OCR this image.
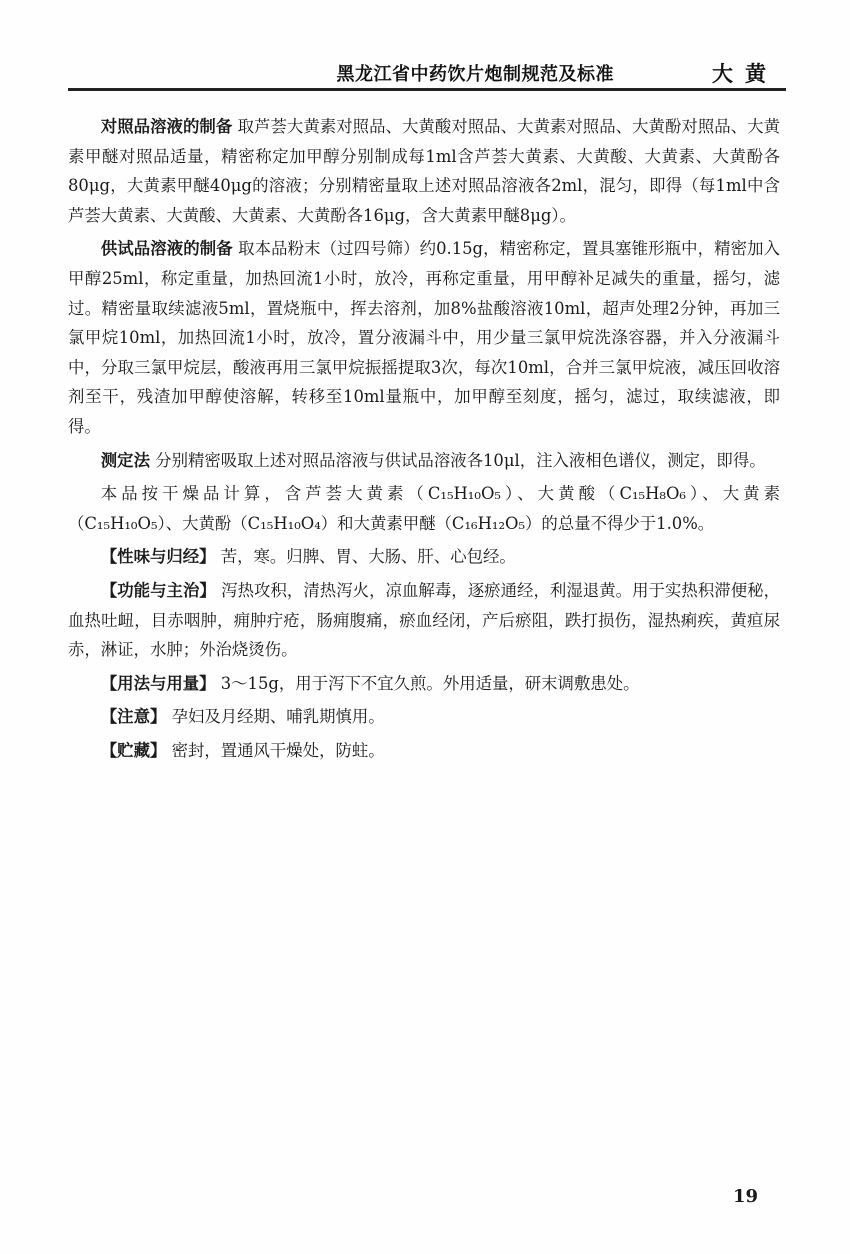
黑龙江省中药饮片炮制规范及标准	大黄

对照品溶液的制备 取芦荟大黄素对照品、大黄酸对照品、大黄素对照品、大黄酚对照品、大黄素甲醚对照品适量，精密称定加甲醇分别制成每1ml含芦荟大黄素、大黄酸、大黄素、大黄酚各80μg，大黄素甲醚40μg的溶液；分别精密量取上述对照品溶液各2ml，混匀，即得（每1ml中含芦荟大黄素、大黄酸、大黄素、大黄酚各16μg，含大黄素甲醚8μg）。

供试品溶液的制备 取本品粉末（过四号筛）约0.15g，精密称定，置具塞锥形瓶中，精密加入甲醇25ml，称定重量，加热回流1小时，放冷，再称定重量，用甲醇补足减失的重量，摇匀，滤过。精密量取续滤液5ml，置烧瓶中，挥去溶剂，加8%盐酸溶液10ml，超声处理2分钟，再加三氯甲烷10ml，加热回流1小时，放冷，置分液漏斗中，用少量三氯甲烷洗涤容器，并入分液漏斗中，分取三氯甲烷层，酸液再用三氯甲烷振摇提取3次，每次10ml，合并三氯甲烷液，减压回收溶剂至干，残渣加甲醇使溶解，转移至10ml量瓶中，加甲醇至刻度，摇匀，滤过，取续滤液，即得。

测定法 分别精密吸取上述对照品溶液与供试品溶液各10μl，注入液相色谱仪，测定，即得。

本品按干燥品计算，含芦荟大黄素（C₁₅H₁₀O₅）、大黄酸（C₁₅H₈O₆）、大黄素（C₁₅H₁₀O₅）、大黄酚（C₁₅H₁₀O₄）和大黄素甲醚（C₁₆H₁₂O₅）的总量不得少于1.0%。

【性味与归经】 苦，寒。归脾、胃、大肠、肝、心包经。

【功能与主治】 泻热攻积，清热泻火，凉血解毒，逐瘀通经，利湿退黄。用于实热积滞便秘，血热吐衄，目赤咽肿，痈肿疔疮，肠痈腹痛，瘀血经闭，产后瘀阻，跌打损伤，湿热痢疾，黄疸尿赤，淋证，水肿；外治烧烫伤。

【用法与用量】 3～15g，用于泻下不宜久煎。外用适量，研末调敷患处。

【注意】 孕妇及月经期、哺乳期慎用。

【贮藏】 密封，置通风干燥处，防蛀。

19
